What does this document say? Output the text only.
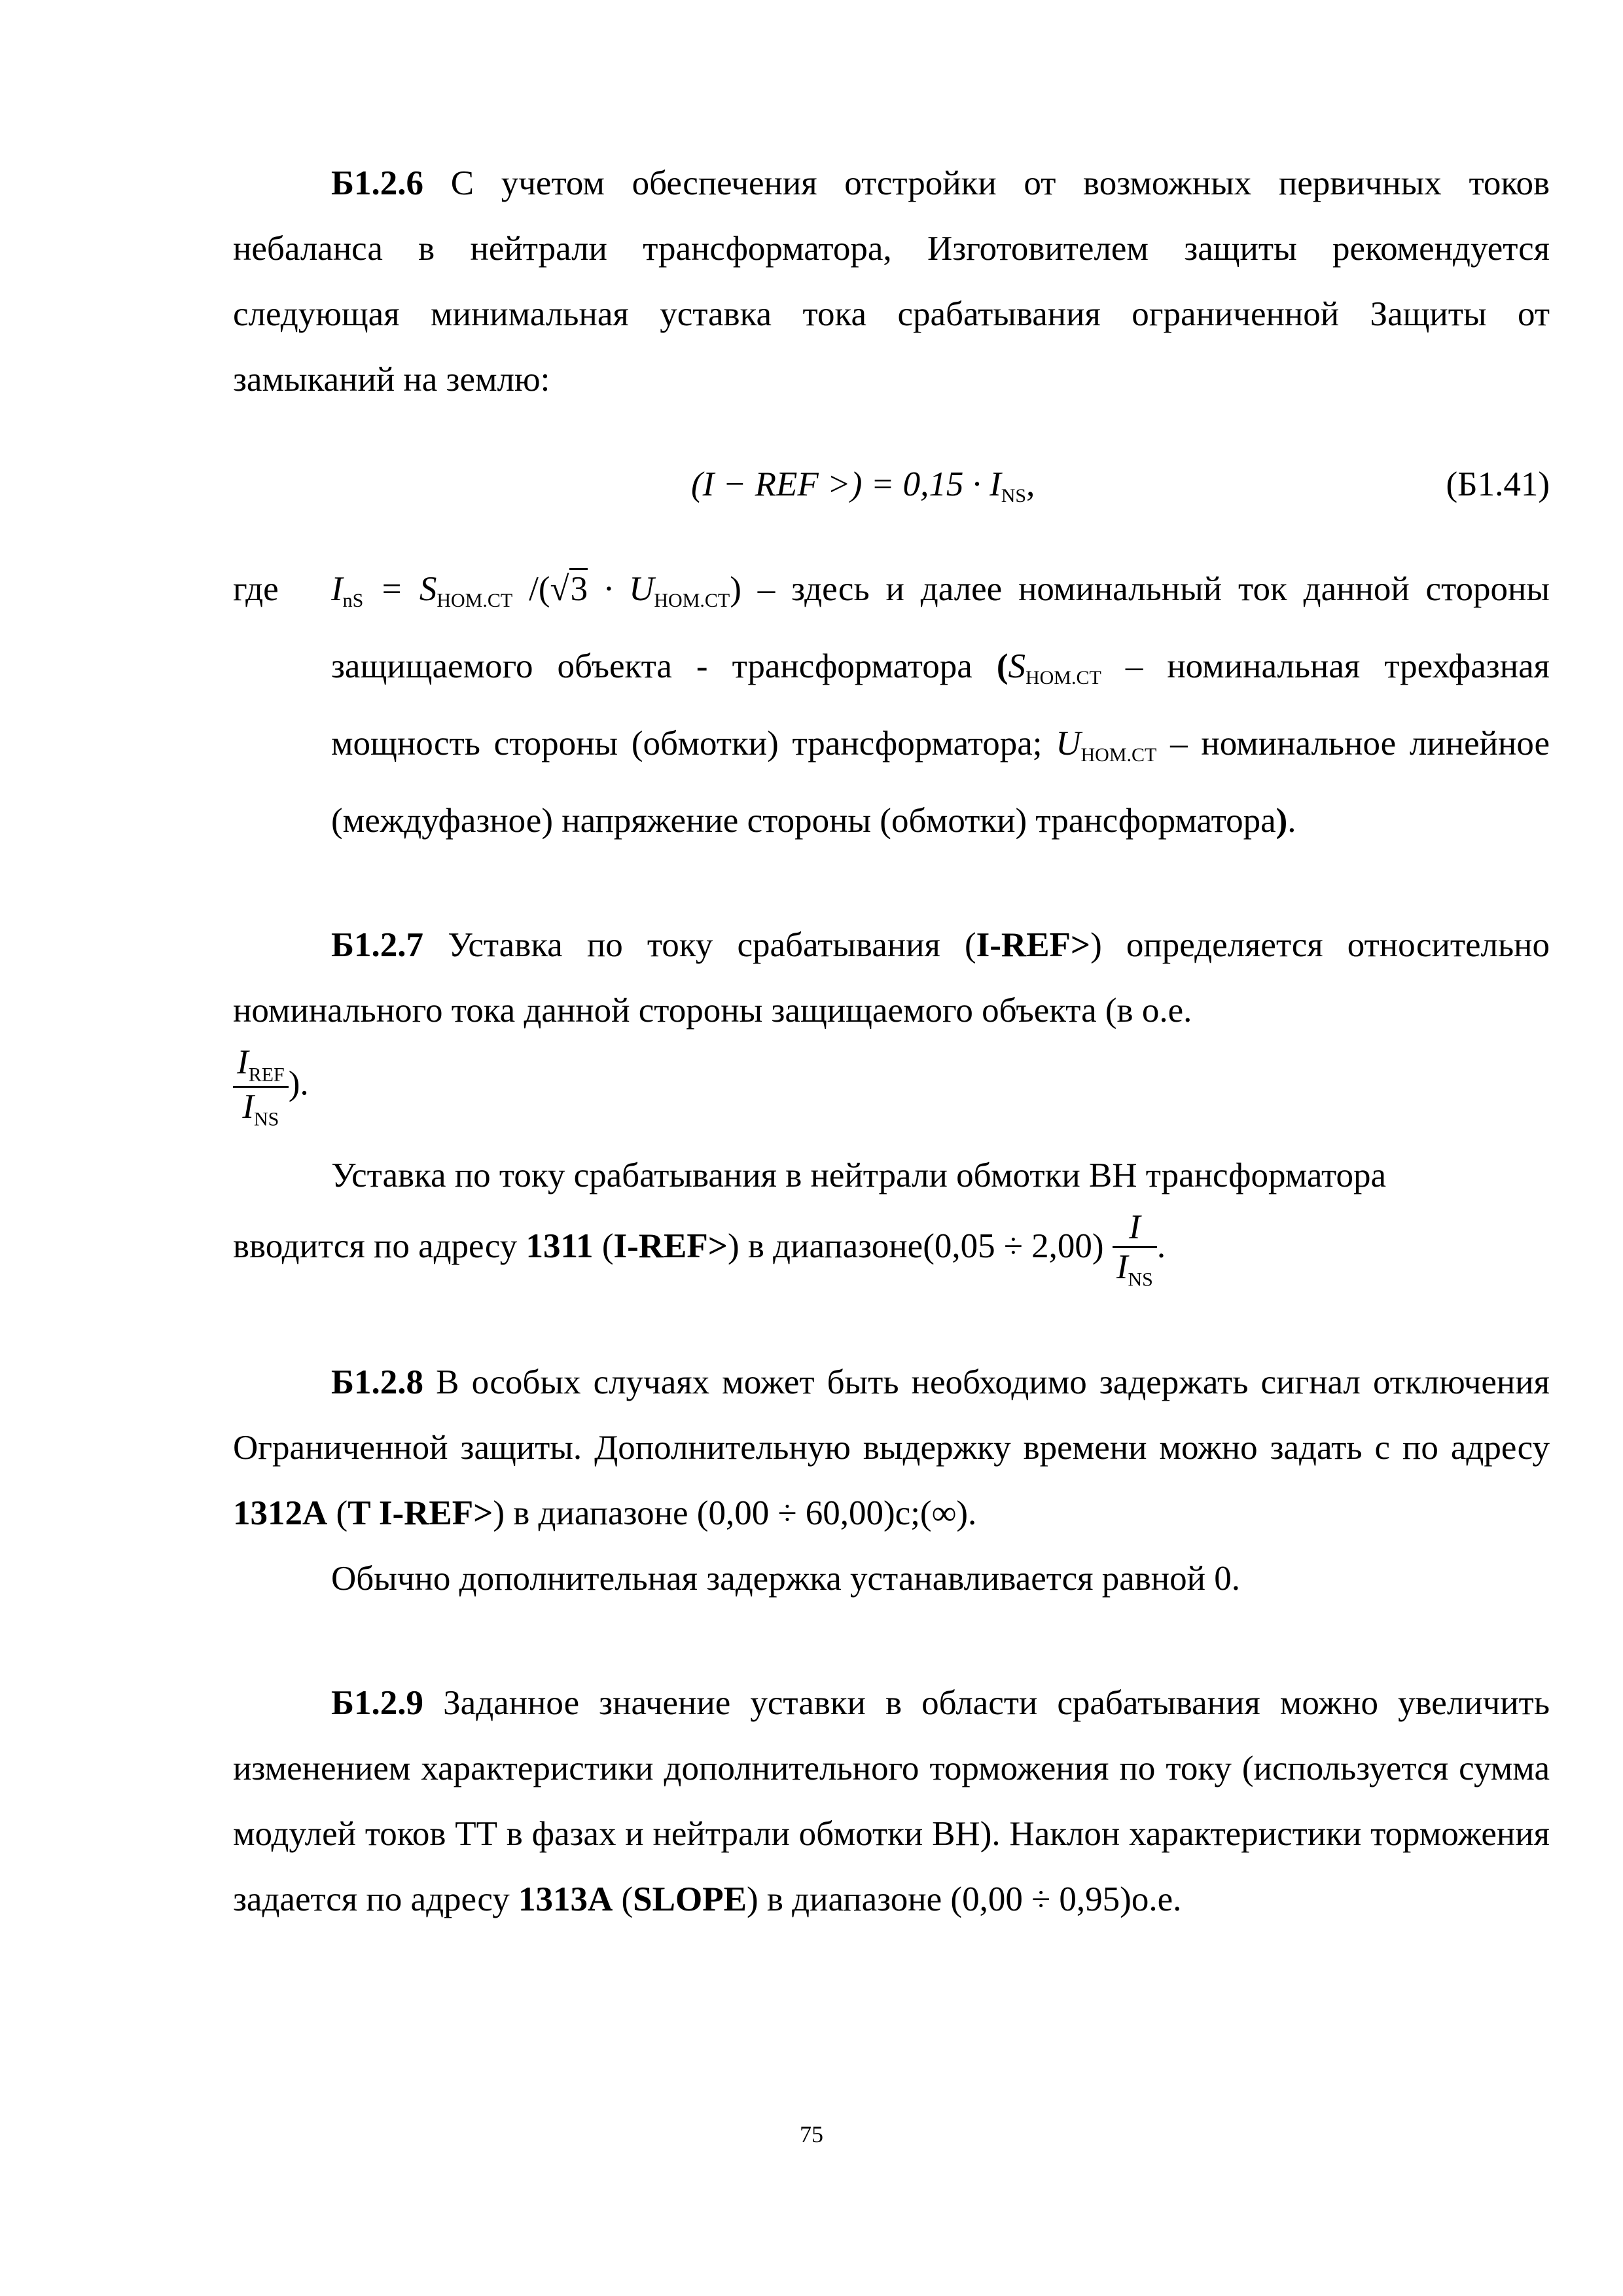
Б1.2.6 С учетом обеспечения отстройки от возможных первичных токов небаланса в нейтрали трансформатора, Изготовителем защиты рекомендуется следующая минимальная уставка тока срабатывания ограниченной Защиты от замыканий на землю:

(I − REF >) = $0,15 \cdot I_{NS}$,	(Б1.41)
где	$I_{nS} = S_{НОМ.СТ}$ $/(√3 \cdot U_{НОМ.СТ})$ – здесь и далее номинальный ток данной стороны защищаемого объекта - трансформатора ($S_{НОМ.СТ}$ – номинальная трехфазная мощность стороны (обмотки) трансформатора; $U_{НОМ.СТ}$ – номинальное линейное (междуфазное) напряжение стороны (обмотки) трансформатора).

Б1.2.7 Уставка по току срабатывания (I-REF>) определяется относительно номинального тока данной стороны защищаемого объекта (в о.е.

$\frac{I_{REF}}{I_{NS}}$ ).

Уставка по току срабатывания в нейтрали обмотки ВН трансформатора
вводится по адресу 1311 (I-REF>) в диапазоне(0,05 ÷ $2,00) \frac{I}{I_{NS}}$ .

Б1.2.8 В особых случаях может быть необходимо задержать сигнал отключения Ограниченной защиты. Дополнительную выдержку времени можно задать с по адресу 1312А (T I-REF>) в диапазоне (0,00 ÷ 60,00)с;(∞).

Обычно дополнительная задержка устанавливается равной 0.

Б1.2.9 Заданное значение уставки в области срабатывания можно увеличить изменением характеристики дополнительного торможения по току (используется сумма модулей токов ТТ в фазах и нейтрали обмотки ВН). Наклон характеристики торможения задается по адресу 1313А (SLOPE) в диапазоне (0,00 ÷ 0,95)о.е.

75
